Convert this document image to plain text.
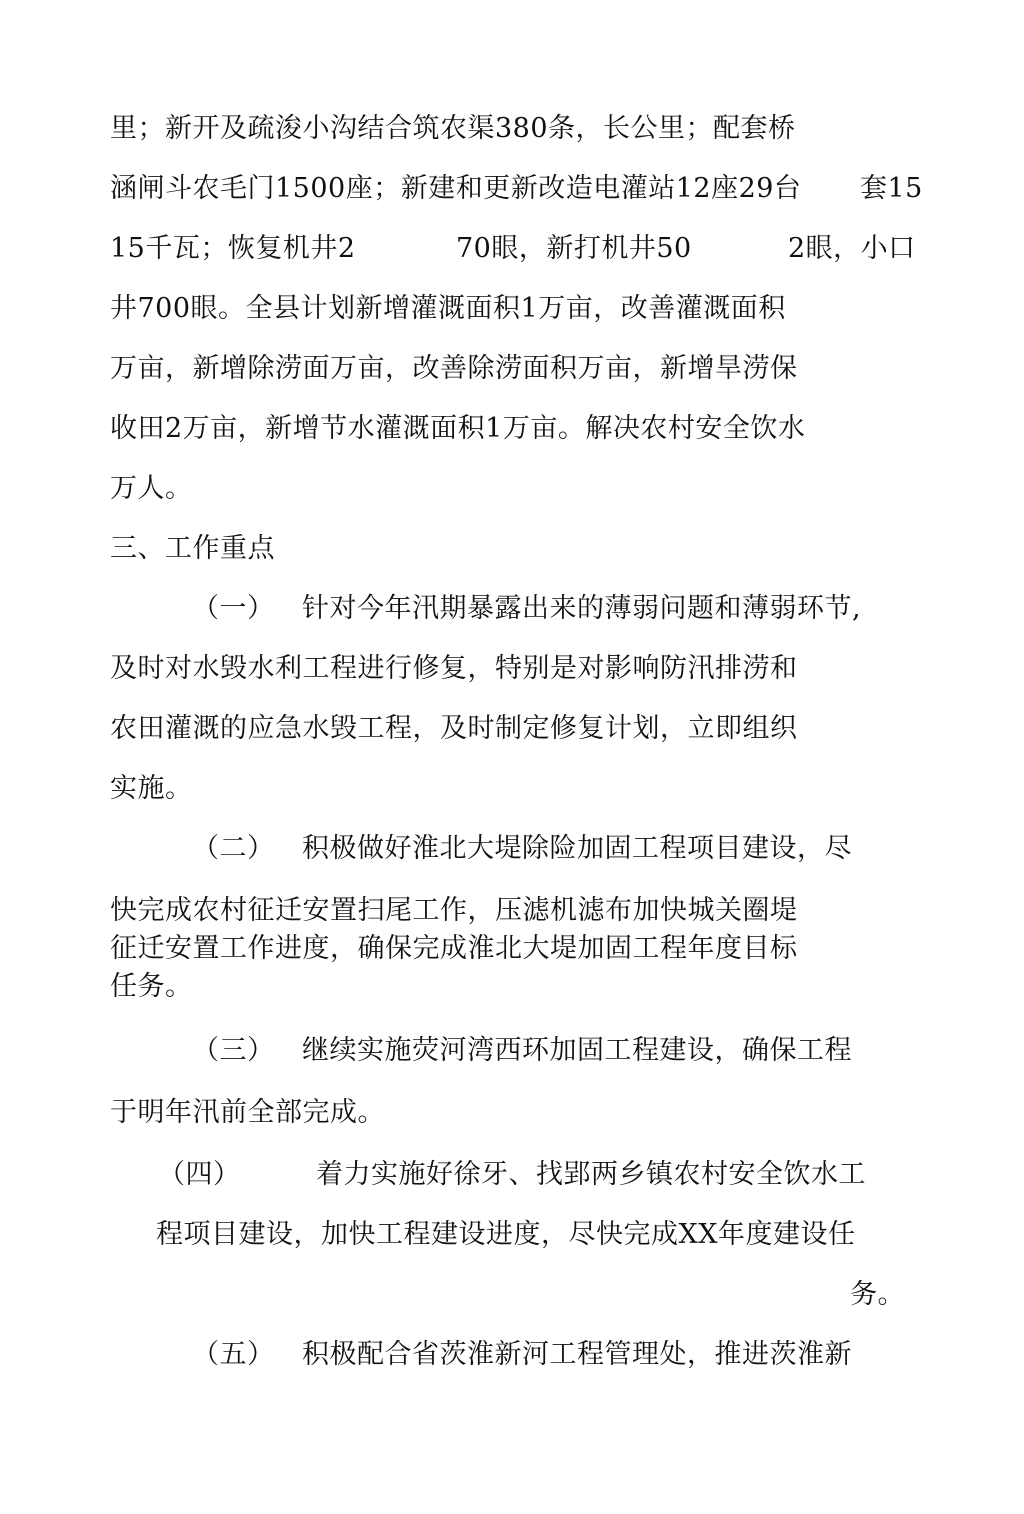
里；新开及疏浚小沟结合筑农渠380条，长公里；配套桥
涵闸斗农毛门1500座；新建和更新改造电灌站12座29台 套15
15千瓦；恢复机井2	70眼，新打机井50	2眼，小口
井700眼。全县计划新增灌溉面积1万亩，改善灌溉面积
万亩，新增除涝面万亩，改善除涝面积万亩，新增旱涝保
收田2万亩，新增节水灌溉面积1万亩。解决农村安全饮水
万人。
三、工作重点
（一） 针对今年汛期暴露出来的薄弱问题和薄弱环节,
及时对水毁水利工程进行修复，特别是对影响防汛排涝和
农田灌溉的应急水毁工程，及时制定修复计划，立即组织
实施。
（二） 积极做好淮北大堤除险加固工程项目建设，尽
快完成农村征迁安置扫尾工作，压滤机滤布加快城关圈堤
征迁安置工作进度，确保完成淮北大堤加固工程年度目标
任务。
（三） 继续实施荧河湾西环加固工程建设，确保工程
于明年汛前全部完成。
（四）	着力实施好徐牙、找郢两乡镇农村安全饮水工
程项目建设，加快工程建设进度，尽快完成XX年度建设任
务。
（五） 积极配合省茨淮新河工程管理处，推进茨淮新
